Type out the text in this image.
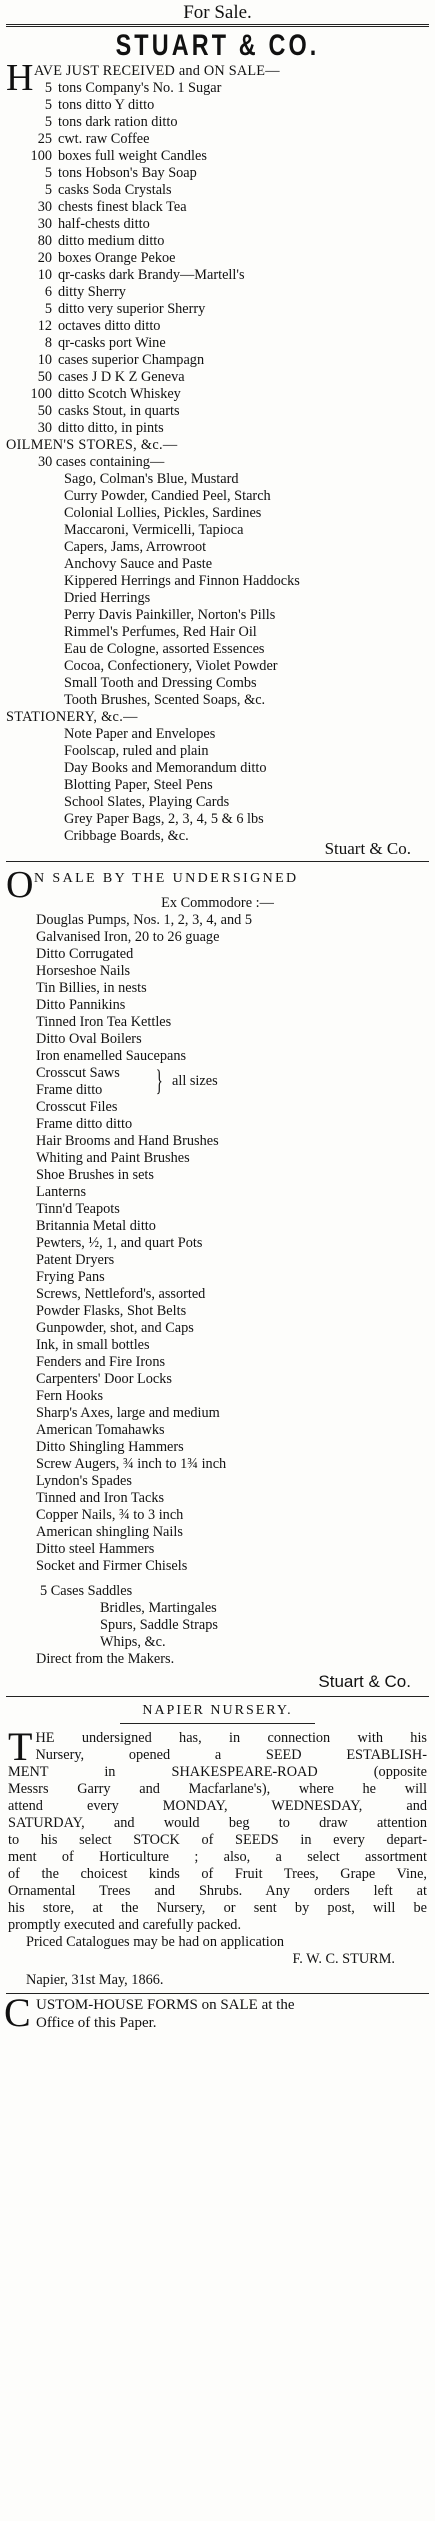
For Sale.
STUART & CO.
H AVE JUST RECEIVED and ON SALE—
5 tons Company's No. 1 Sugar
5 tons ditto Y ditto
5 tons dark ration ditto
25 cwt. raw Coffee
100 boxes full weight Candles
5 tons Hobson's Bay Soap
5 casks Soda Crystals
30 chests finest black Tea
30 half-chests ditto
80 ditto medium ditto
20 boxes Orange Pekoe
10 qr-casks dark Brandy—Martell's
6 ditty Sherry
5 ditto very superior Sherry
12 octaves ditto ditto
8 qr-casks port Wine
10 cases superior Champagn
50 cases J D K Z Geneva
100 ditto Scotch Whiskey
50 casks Stout, in quarts
30 ditto ditto, in pints
OILMEN'S STORES, &c.—
30 cases containing—
Sago, Colman's Blue, Mustard
Curry Powder, Candied Peel, Starch
Colonial Lollies, Pickles, Sardines
Maccaroni, Vermicelli, Tapioca
Capers, Jams, Arrowroot
Anchovy Sauce and Paste
Kippered Herrings and Finnon Haddocks
Dried Herrings
Perry Davis Painkiller, Norton's Pills
Rimmel's Perfumes, Red Hair Oil
Eau de Cologne, assorted Essences
Cocoa, Confectionery, Violet Powder
Small Tooth and Dressing Combs
Tooth Brushes, Scented Soaps, &c.
STATIONERY, &c.—
Note Paper and Envelopes
Foolscap, ruled and plain
Day Books and Memorandum ditto
Blotting Paper, Steel Pens
School Slates, Playing Cards
Grey Paper Bags, 2, 3, 4, 5 & 6 lbs
Cribbage Boards, &c.
Stuart & Co.
O
N SALE BY THE UNDERSIGNED
Ex Commodore :—
Douglas Pumps, Nos. 1, 2, 3, 4, and 5
Galvanised Iron, 20 to 26 guage
Ditto Corrugated
Horseshoe Nails
Tin Billies, in nests
Ditto Pannikins
Tinned Iron Tea Kettles
Ditto Oval Boilers
Iron enamelled Saucepans
Crosscut Saws
Frame ditto	} all sizes
Crosscut Files
Frame ditto ditto
Hair Brooms and Hand Brushes
Whiting and Paint Brushes
Shoe Brushes in sets
Lanterns
Tinn'd Teapots
Britannia Metal ditto
Pewters, ½, 1, and quart Pots
Patent Dryers
Frying Pans
Screws, Nettleford's, assorted
Powder Flasks, Shot Belts
Gunpowder, shot, and Caps
Ink, in small bottles
Fenders and Fire Irons
Carpenters' Door Locks
Fern Hooks
Sharp's Axes, large and medium
American Tomahawks
Ditto Shingling Hammers
Screw Augers, ¾ inch to 1¾ inch
Lyndon's Spades
Tinned and Iron Tacks
Copper Nails, ¾ to 3 inch
American shingling Nails
Ditto steel Hammers
Socket and Firmer Chisels
5 Cases Saddles
Bridles, Martingales
Spurs, Saddle Straps
Whips, &c.
Direct from the Makers.
Stuart & Co.
NAPIER NURSERY.
T HE undersigned has, in connection with his
Nursery, opened a SEED ESTABLISH-
MENT in SHAKESPEARE-ROAD (opposite
Messrs Garry and Macfarlane's), where he will
attend every MONDAY, WEDNESDAY, and
SATURDAY, and would beg to draw attention
to his select STOCK of SEEDS in every depart-
ment of Horticulture ; also, a select assortment
of the choicest kinds of Fruit Trees, Grape Vine,
Ornamental Trees and Shrubs. Any orders left at
his store, at the Nursery, or sent by post, will be
promptly executed and carefully packed.
Priced Catalogues may be had on application
F. W. C. STURM.
Napier, 31st May, 1866.
C USTOM-HOUSE FORMS on SALE at the
Office of this Paper.
